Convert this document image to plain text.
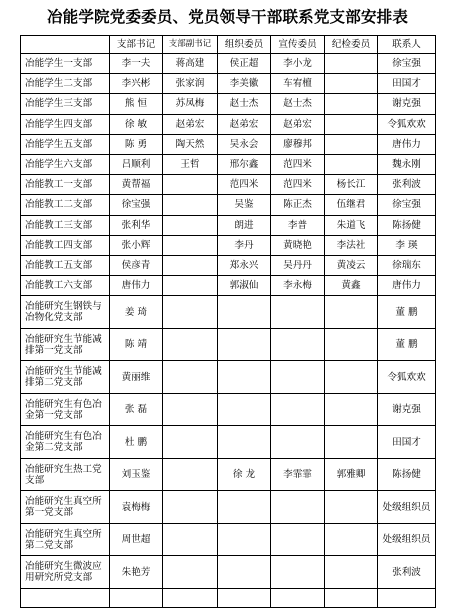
冶能学院党委委员、党员领导干部联系党支部安排表
	支部书记	支部副书记	组织委员	宣传委员	纪检委员	联系人
冶能学生一支部	李一夫	蒋高建	侯正超	李小龙		徐宝强
冶能学生二支部	李兴彬	张家润	李美徽	车宥檀		田国才
冶能学生三支部	熊 恒	苏凤梅	赵士杰	赵士杰		谢克强
冶能学生四支部	徐 敏	赵弟宏	赵弟宏	赵弟宏		令狐欢欢
冶能学生五支部	陈 勇	陶天然	吴永会	廖穆邦		唐伟力
冶能学生六支部	吕顺利	王哲	邢尔鑫	范四米		魏永刚
冶能教工一支部	黄帮福		范四米	范四米	杨长江	张利波
冶能教工二支部	徐宝强		吴鉴	陈正杰	伍继君	徐宝强
冶能教工三支部	张利华		朗进	李普	朱道飞	陈扬健
冶能教工四支部	张小辉		李丹	黄晓艳	李法社	李 瑛
冶能教工五支部	侯彦青		郑永兴	吴丹丹	黄凌云	徐瑞东
冶能教工六支部	唐伟力		郭淑仙	李永梅	黄鑫	唐伟力
冶能研究生钢铁与冶物化党支部	姜 琦					董 鹏
冶能研究生节能减排第一党支部	陈 靖					董 鹏
冶能研究生节能减排第二党支部	黄丽维					令狐欢欢
冶能研究生有色冶金第一党支部	张 磊					谢克强
冶能研究生有色冶金第二党支部	杜 鹏					田国才
冶能研究生热工党支部	刘玉鉴		徐 龙	李霏霏	郭雅卿	陈扬健
冶能研究生真空所第一党支部	袁梅梅					处级组织员
冶能研究生真空所第二党支部	周世超					处级组织员
冶能研究生微波应用研究所党支部	朱艳芳					张利波
